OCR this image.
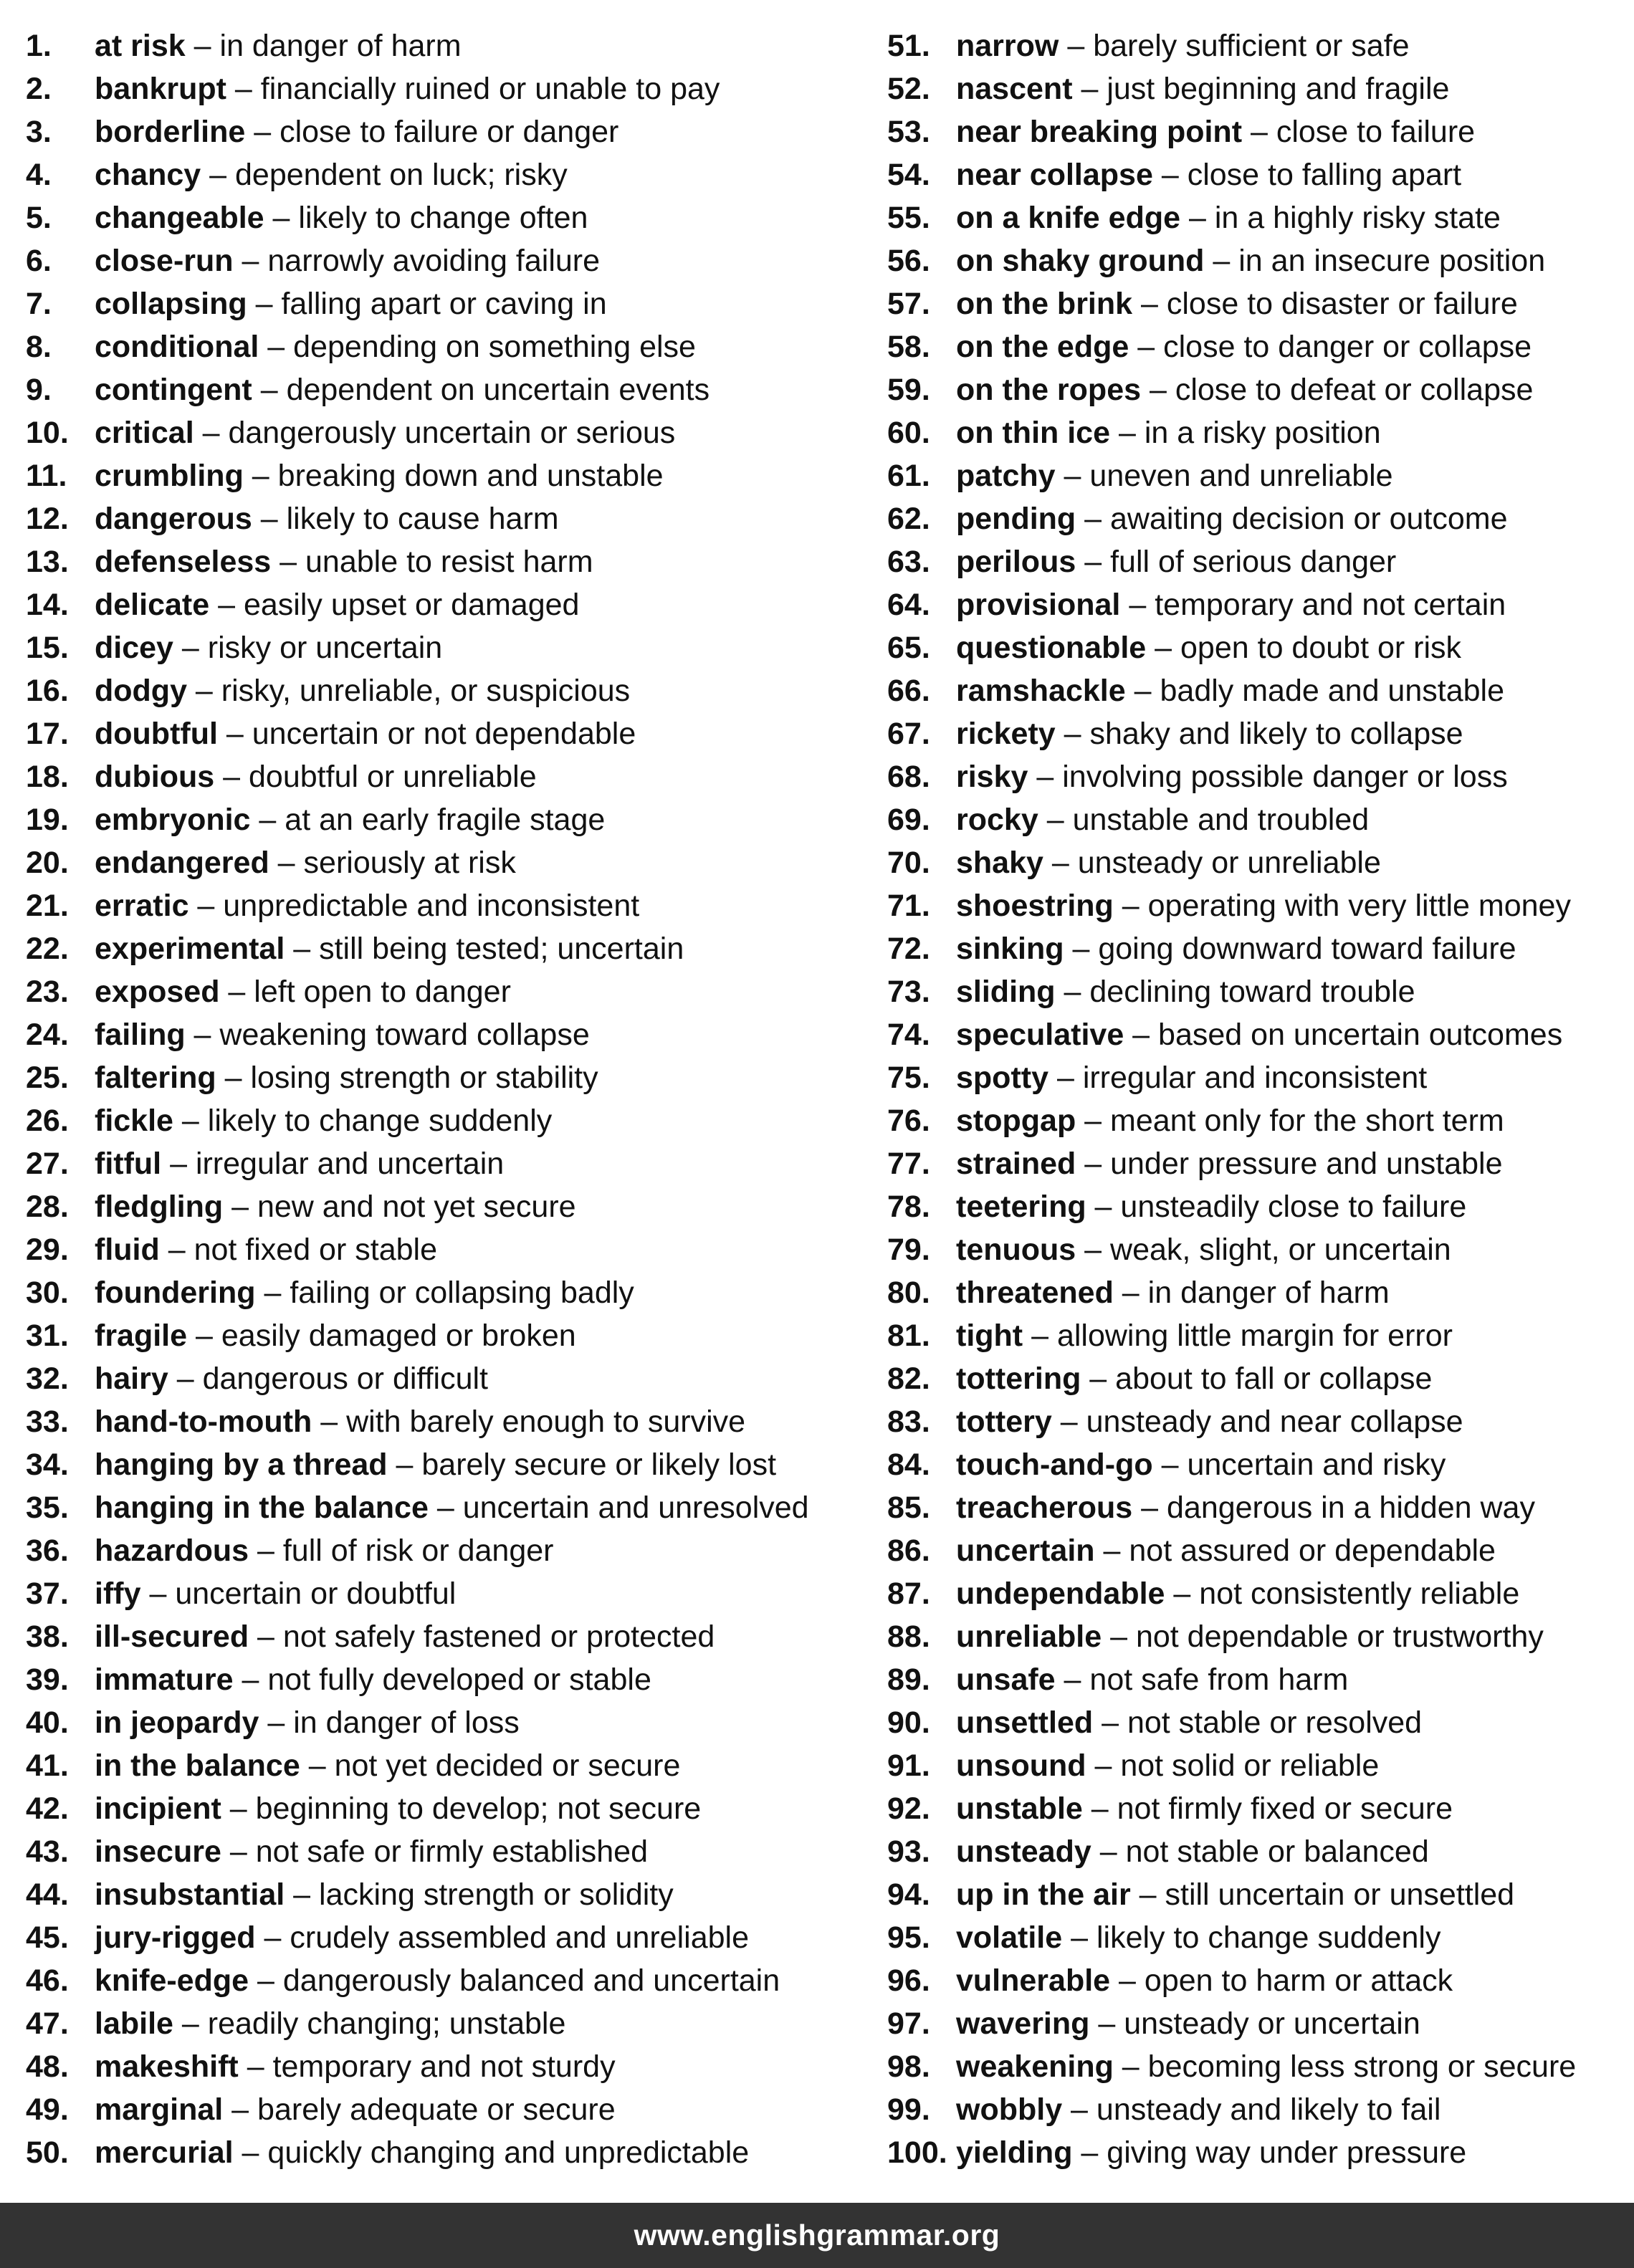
1. at risk – in danger of harm
2. bankrupt – financially ruined or unable to pay
3. borderline – close to failure or danger
4. chancy – dependent on luck; risky
5. changeable – likely to change often
6. close-run – narrowly avoiding failure
7. collapsing – falling apart or caving in
8. conditional – depending on something else
9. contingent – dependent on uncertain events
10. critical – dangerously uncertain or serious
11. crumbling – breaking down and unstable
12. dangerous – likely to cause harm
13. defenseless – unable to resist harm
14. delicate – easily upset or damaged
15. dicey – risky or uncertain
16. dodgy – risky, unreliable, or suspicious
17. doubtful – uncertain or not dependable
18. dubious – doubtful or unreliable
19. embryonic – at an early fragile stage
20. endangered – seriously at risk
21. erratic – unpredictable and inconsistent
22. experimental – still being tested; uncertain
23. exposed – left open to danger
24. failing – weakening toward collapse
25. faltering – losing strength or stability
26. fickle – likely to change suddenly
27. fitful – irregular and uncertain
28. fledgling – new and not yet secure
29. fluid – not fixed or stable
30. foundering – failing or collapsing badly
31. fragile – easily damaged or broken
32. hairy – dangerous or difficult
33. hand-to-mouth – with barely enough to survive
34. hanging by a thread – barely secure or likely lost
35. hanging in the balance – uncertain and unresolved
36. hazardous – full of risk or danger
37. iffy – uncertain or doubtful
38. ill-secured – not safely fastened or protected
39. immature – not fully developed or stable
40. in jeopardy – in danger of loss
41. in the balance – not yet decided or secure
42. incipient – beginning to develop; not secure
43. insecure – not safe or firmly established
44. insubstantial – lacking strength or solidity
45. jury-rigged – crudely assembled and unreliable
46. knife-edge – dangerously balanced and uncertain
47. labile – readily changing; unstable
48. makeshift – temporary and not sturdy
49. marginal – barely adequate or secure
50. mercurial – quickly changing and unpredictable
51. narrow – barely sufficient or safe
52. nascent – just beginning and fragile
53. near breaking point – close to failure
54. near collapse – close to falling apart
55. on a knife edge – in a highly risky state
56. on shaky ground – in an insecure position
57. on the brink – close to disaster or failure
58. on the edge – close to danger or collapse
59. on the ropes – close to defeat or collapse
60. on thin ice – in a risky position
61. patchy – uneven and unreliable
62. pending – awaiting decision or outcome
63. perilous – full of serious danger
64. provisional – temporary and not certain
65. questionable – open to doubt or risk
66. ramshackle – badly made and unstable
67. rickety – shaky and likely to collapse
68. risky – involving possible danger or loss
69. rocky – unstable and troubled
70. shaky – unsteady or unreliable
71. shoestring – operating with very little money
72. sinking – going downward toward failure
73. sliding – declining toward trouble
74. speculative – based on uncertain outcomes
75. spotty – irregular and inconsistent
76. stopgap – meant only for the short term
77. strained – under pressure and unstable
78. teetering – unsteadily close to failure
79. tenuous – weak, slight, or uncertain
80. threatened – in danger of harm
81. tight – allowing little margin for error
82. tottering – about to fall or collapse
83. tottery – unsteady and near collapse
84. touch-and-go – uncertain and risky
85. treacherous – dangerous in a hidden way
86. uncertain – not assured or dependable
87. undependable – not consistently reliable
88. unreliable – not dependable or trustworthy
89. unsafe – not safe from harm
90. unsettled – not stable or resolved
91. unsound – not solid or reliable
92. unstable – not firmly fixed or secure
93. unsteady – not stable or balanced
94. up in the air – still uncertain or unsettled
95. volatile – likely to change suddenly
96. vulnerable – open to harm or attack
97. wavering – unsteady or uncertain
98. weakening – becoming less strong or secure
99. wobbly – unsteady and likely to fail
100. yielding – giving way under pressure
www.englishgrammar.org
